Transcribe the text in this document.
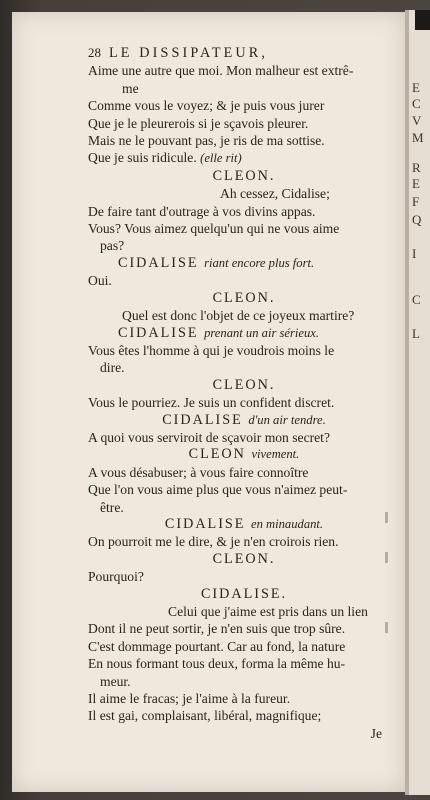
E
C
V
M
R
E
F
Q
I
C
L
28 LE DISSIPATEUR,
Aime une autre que moi. Mon malheur est extrê-
me
Comme vous le voyez; & je puis vous jurer
Que je le pleurerois si je sçavois pleurer.
Mais ne le pouvant pas, je ris de ma sottise.
Que je suis ridicule. (elle rit)
CLEON.
Ah cessez, Cidalise;
De faire tant d'outrage à vos divins appas.
Vous? Vous aimez quelqu'un qui ne vous aime
pas?
CIDALISE riant encore plus fort.
Oui.
CLEON.
Quel est donc l'objet de ce joyeux martire?
CIDALISE prenant un air sérieux.
Vous êtes l'homme à qui je voudrois moins le
dire.
CLEON.
Vous le pourriez. Je suis un confident discret.
CIDALISE d'un air tendre.
A quoi vous serviroit de sçavoir mon secret?
CLEON vivement.
A vous désabuser; à vous faire connoître
Que l'on vous aime plus que vous n'aimez peut-
être.
CIDALISE en minaudant.
On pourroit me le dire, & je n'en croirois rien.
CLEON.
Pourquoi?
CIDALISE.
Celui que j'aime est pris dans un lien
Dont il ne peut sortir, je n'en suis que trop sûre.
C'est dommage pourtant. Car au fond, la nature
En nous formant tous deux, forma la même hu-
meur.
Il aime le fracas; je l'aime à la fureur.
Il est gai, complaisant, libéral, magnifique;
Je
